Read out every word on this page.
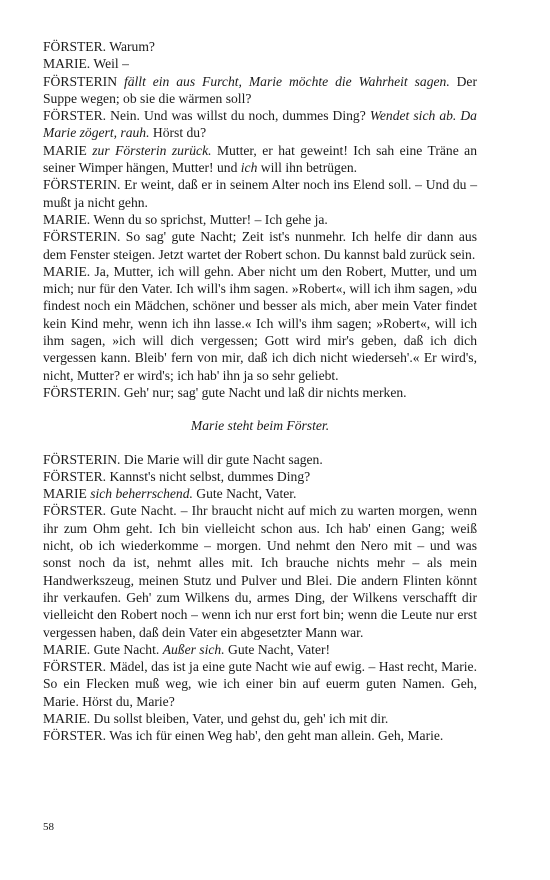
FÖRSTER. Warum?

MARIE. Weil –

FÖRSTERIN fällt ein aus Furcht, Marie möchte die Wahrheit sagen. Der Suppe wegen; ob sie die wärmen soll?

FÖRSTER. Nein. Und was willst du noch, dummes Ding? Wendet sich ab. Da Marie zögert, rauh. Hörst du?

MARIE zur Försterin zurück. Mutter, er hat geweint! Ich sah eine Träne an seiner Wimper hängen, Mutter! und ich will ihn betrügen.

FÖRSTERIN. Er weint, daß er in seinem Alter noch ins Elend soll. – Und du – mußt ja nicht gehn.

MARIE. Wenn du so sprichst, Mutter! – Ich gehe ja.

FÖRSTERIN. So sag' gute Nacht; Zeit ist's nunmehr. Ich helfe dir dann aus dem Fenster steigen. Jetzt wartet der Robert schon. Du kannst bald zurück sein.

MARIE. Ja, Mutter, ich will gehn. Aber nicht um den Robert, Mutter, und um mich; nur für den Vater. Ich will's ihm sagen. »Robert«, will ich ihm sagen, »du findest noch ein Mädchen, schöner und besser als mich, aber mein Vater findet kein Kind mehr, wenn ich ihn lasse.« Ich will's ihm sagen; »Robert«, will ich ihm sagen, »ich will dich vergessen; Gott wird mir's geben, daß ich dich vergessen kann. Bleib' fern von mir, daß ich dich nicht wiederseh'.« Er wird's, nicht, Mutter? er wird's; ich hab' ihn ja so sehr geliebt.

FÖRSTERIN. Geh' nur; sag' gute Nacht und laß dir nichts merken.

Marie steht beim Förster.

FÖRSTERIN. Die Marie will dir gute Nacht sagen.

FÖRSTER. Kannst's nicht selbst, dummes Ding?

MARIE sich beherrschend. Gute Nacht, Vater.

FÖRSTER. Gute Nacht. – Ihr braucht nicht auf mich zu warten morgen, wenn ihr zum Ohm geht. Ich bin vielleicht schon aus. Ich hab' einen Gang; weiß nicht, ob ich wiederkomme – morgen. Und nehmt den Nero mit – und was sonst noch da ist, nehmt alles mit. Ich brauche nichts mehr – als mein Handwerkszeug, meinen Stutz und Pulver und Blei. Die andern Flinten könnt ihr verkaufen. Geh' zum Wilkens du, armes Ding, der Wilkens verschafft dir vielleicht den Robert noch – wenn ich nur erst fort bin; wenn die Leute nur erst vergessen haben, daß dein Vater ein abgesetzter Mann war.

MARIE. Gute Nacht. Außer sich. Gute Nacht, Vater!

FÖRSTER. Mädel, das ist ja eine gute Nacht wie auf ewig. – Hast recht, Marie. So ein Flecken muß weg, wie ich einer bin auf euerm guten Namen. Geh, Marie. Hörst du, Marie?

MARIE. Du sollst bleiben, Vater, und gehst du, geh' ich mit dir.

FÖRSTER. Was ich für einen Weg hab', den geht man allein. Geh, Marie.

58
